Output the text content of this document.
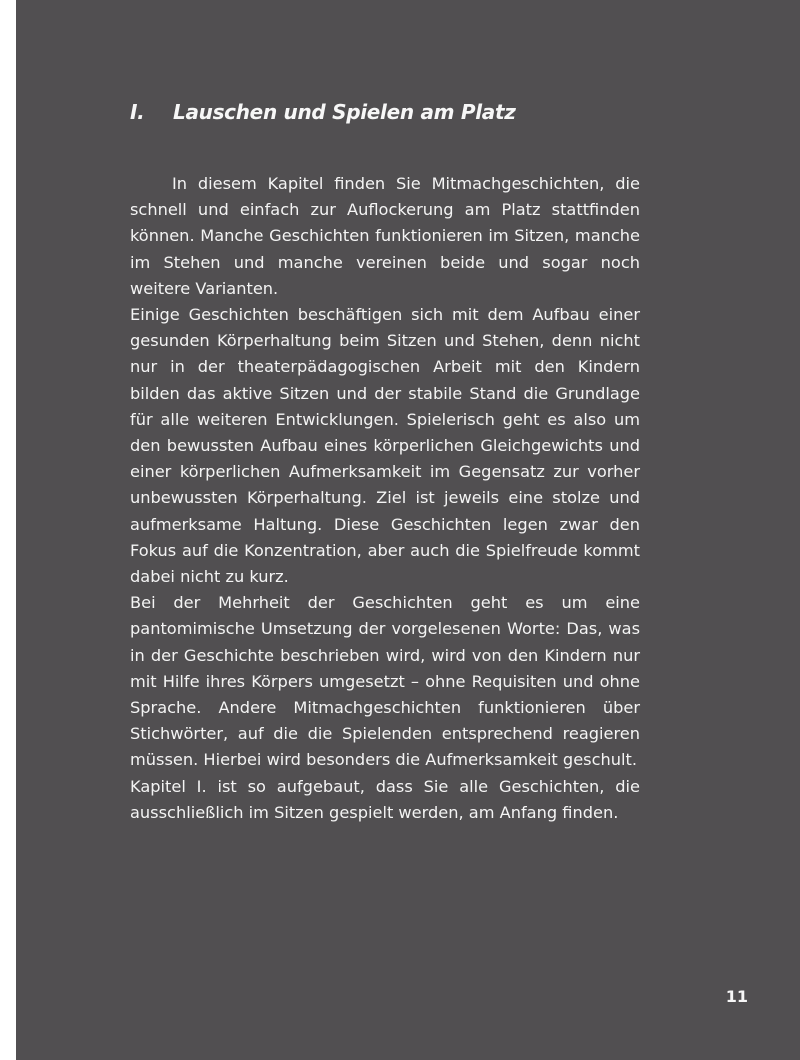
I. Lauschen und Spielen am Platz

In diesem Kapitel finden Sie Mitmachgeschichten, die schnell und einfach zur Auflockerung am Platz stattfinden können. Manche Geschichten funktionieren im Sitzen, manche im Stehen und manche vereinen beide und sogar noch weitere Varianten.

Einige Geschichten beschäftigen sich mit dem Aufbau einer gesunden Körperhaltung beim Sitzen und Stehen, denn nicht nur in der theaterpädagogischen Arbeit mit den Kindern bilden das aktive Sitzen und der stabile Stand die Grundlage für alle weiteren Entwicklungen. Spielerisch geht es also um den bewussten Aufbau eines körperlichen Gleichgewichts und einer körperlichen Aufmerksamkeit im Gegensatz zur vorher unbewussten Körperhaltung. Ziel ist jeweils eine stolze und aufmerksame Haltung. Diese Geschichten legen zwar den Fokus auf die Konzentration, aber auch die Spielfreude kommt dabei nicht zu kurz.

Bei der Mehrheit der Geschichten geht es um eine pantomimische Umsetzung der vorgelesenen Worte: Das, was in der Geschichte beschrieben wird, wird von den Kindern nur mit Hilfe ihres Körpers umgesetzt – ohne Requisiten und ohne Sprache. Andere Mitmachgeschichten funktionieren über Stichwörter, auf die die Spielenden entsprechend reagieren müssen. Hierbei wird besonders die Aufmerksamkeit geschult.

Kapitel I. ist so aufgebaut, dass Sie alle Geschichten, die ausschließlich im Sitzen gespielt werden, am Anfang finden.

11
